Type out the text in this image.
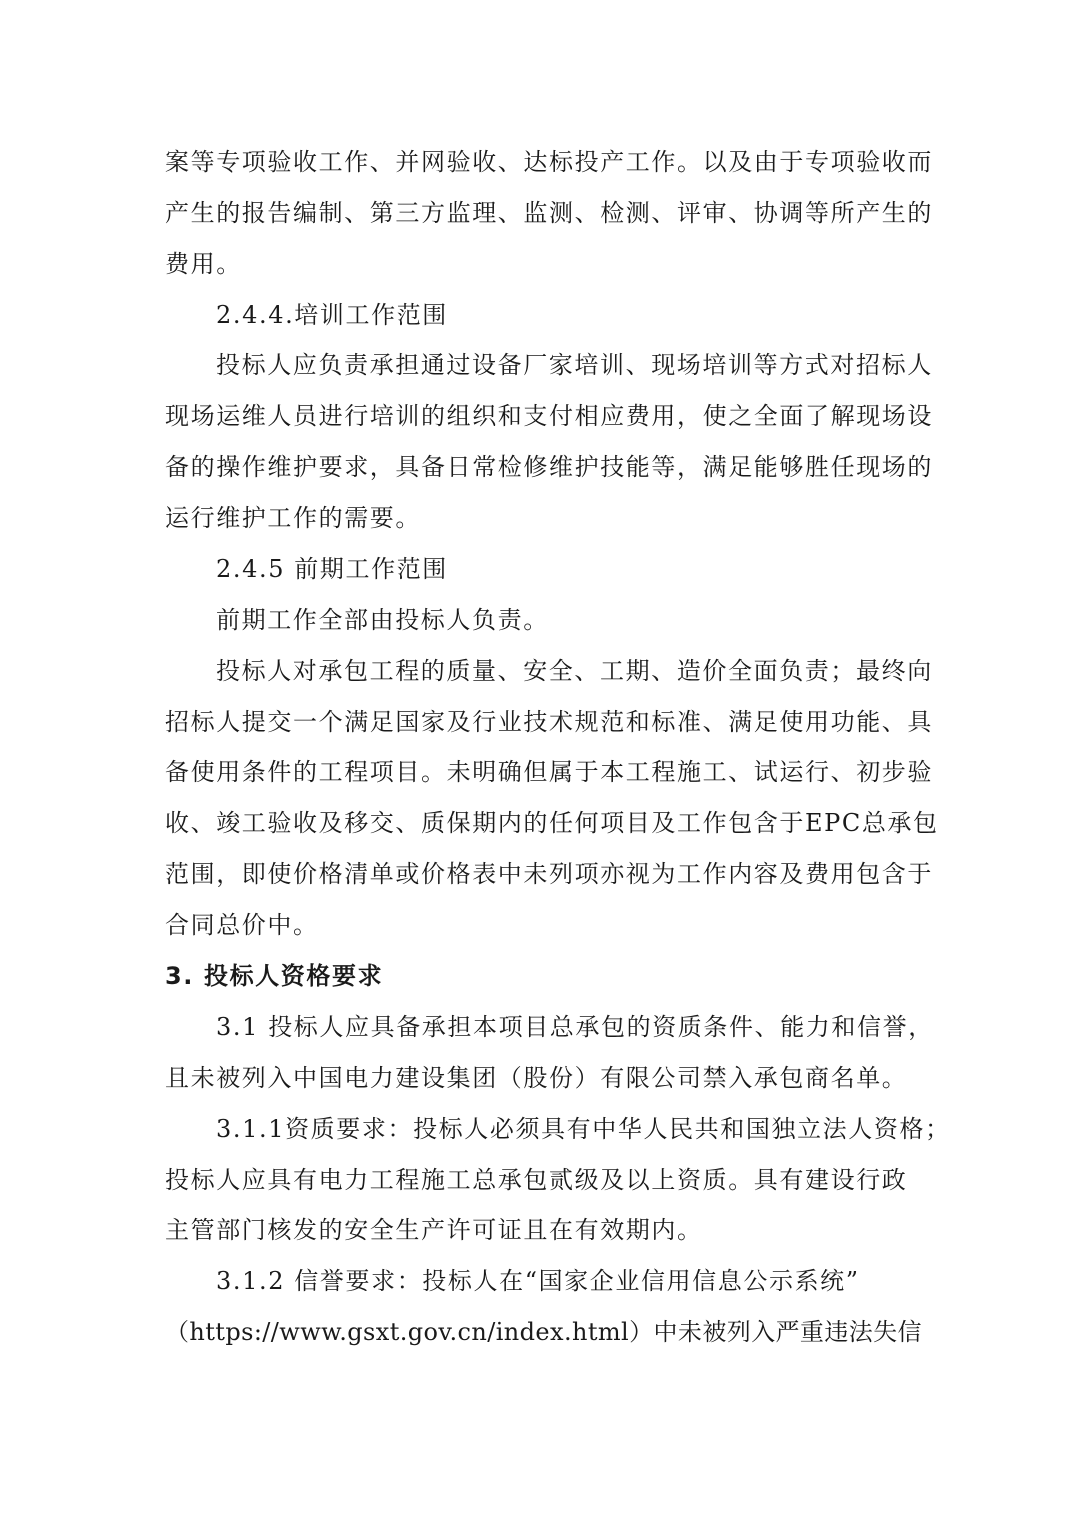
案等专项验收工作、并网验收、达标投产工作。以及由于专项验收而
产生的报告编制、第三方监理、监测、检测、评审、协调等所产生的
费用。
2.4.4.培训工作范围
投标人应负责承担通过设备厂家培训、现场培训等方式对招标人
现场运维人员进行培训的组织和支付相应费用，使之全面了解现场设
备的操作维护要求，具备日常检修维护技能等，满足能够胜任现场的
运行维护工作的需要。
2.4.5 前期工作范围
前期工作全部由投标人负责。
投标人对承包工程的质量、安全、工期、造价全面负责；最终向
招标人提交一个满足国家及行业技术规范和标准、满足使用功能、具
备使用条件的工程项目。未明确但属于本工程施工、试运行、初步验
收、竣工验收及移交、质保期内的任何项目及工作包含于EPC总承包
范围，即使价格清单或价格表中未列项亦视为工作内容及费用包含于
合同总价中。
3. 投标人资格要求
3.1 投标人应具备承担本项目总承包的资质条件、能力和信誉，
且未被列入中国电力建设集团（股份）有限公司禁入承包商名单。
3.1.1资质要求：投标人必须具有中华人民共和国独立法人资格；
投标人应具有电力工程施工总承包贰级及以上资质。具有建设行政
主管部门核发的安全生产许可证且在有效期内。
3.1.2 信誉要求：投标人在“国家企业信用信息公示系统”
（https://www.gsxt.gov.cn/index.html）中未被列入严重违法失信
